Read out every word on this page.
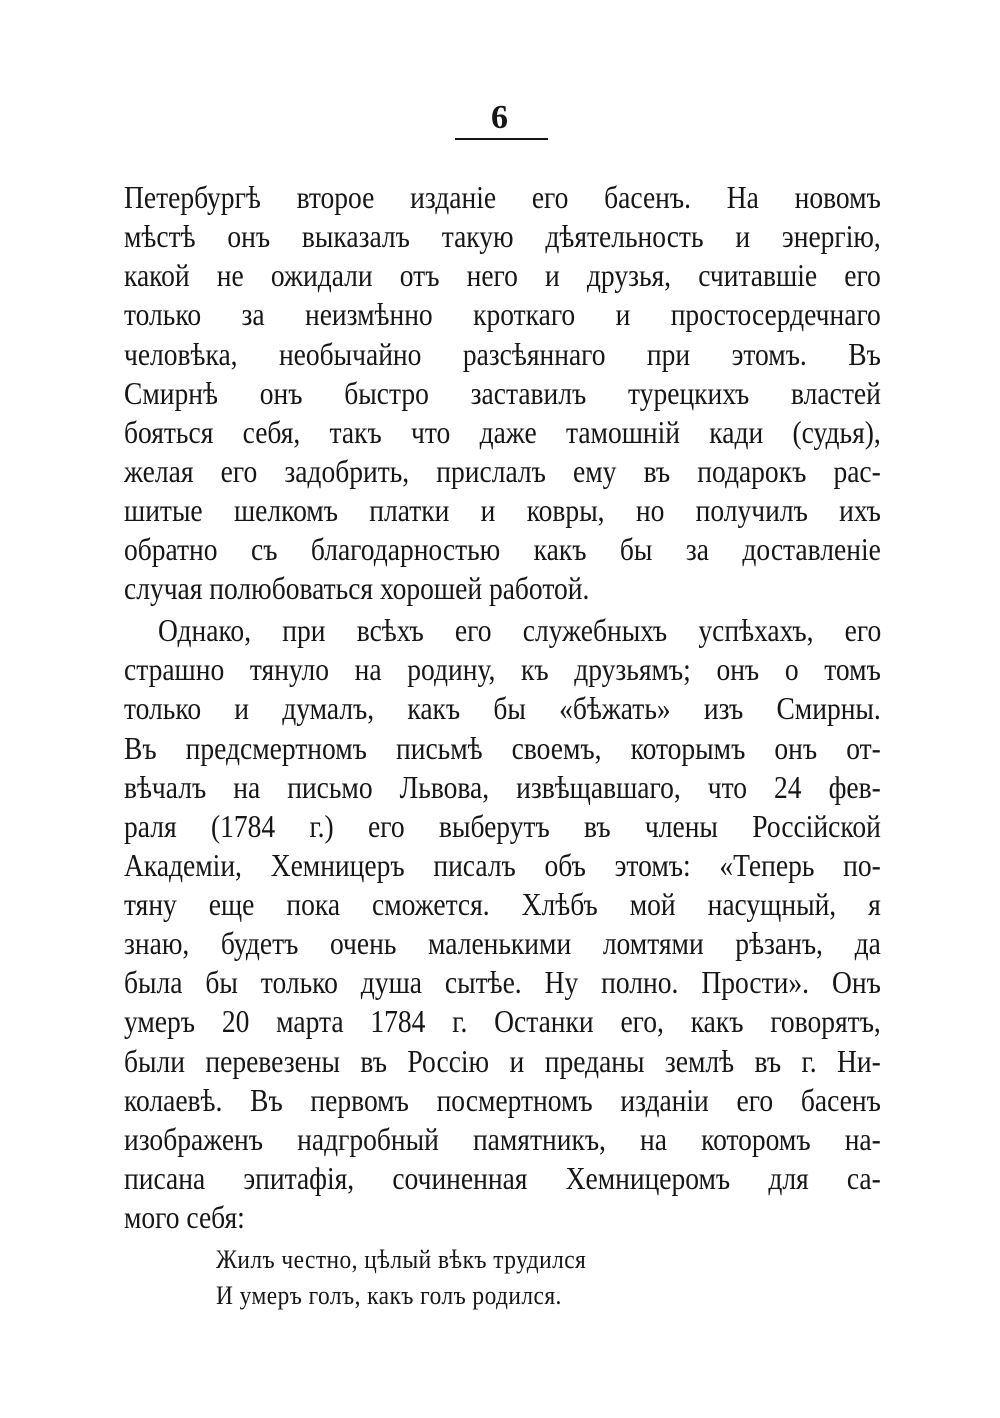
6
Петербургѣ второе изданіе его басенъ. На новомъ
мѣстѣ онъ выказалъ такую дѣятельность и энергію,
какой не ожидали отъ него и друзья, считавшіе его
только за неизмѣнно кроткаго и простосердечнаго
человѣка, необычайно разсѣяннаго при этомъ. Въ
Смирнѣ онъ быстро заставилъ турецкихъ властей
бояться себя, такъ что даже тамошній кади (судья),
желая его задобрить, прислалъ ему въ подарокъ рас-
шитые шелкомъ платки и ковры, но получилъ ихъ
обратно съ благодарностью какъ бы за доставленіе
случая полюбоваться хорошей работой.
Однако, при всѣхъ его служебныхъ успѣхахъ, его
страшно тянуло на родину, къ друзьямъ; онъ о томъ
только и думалъ, какъ бы «бѣжать» изъ Смирны.
Въ предсмертномъ письмѣ своемъ, которымъ онъ от-
вѣчалъ на письмо Львова, извѣщавшаго, что 24 фев-
раля (1784 г.) его выберутъ въ члены Россійской
Академіи, Хемницеръ писалъ объ этомъ: «Теперь по-
тяну еще пока сможется. Хлѣбъ мой насущный, я
знаю, будетъ очень маленькими ломтями рѣзанъ, да
была бы только душа сытѣе. Ну полно. Прости». Онъ
умеръ 20 марта 1784 г. Останки его, какъ говорятъ,
были перевезены въ Россію и преданы землѣ въ г. Ни-
колаевѣ. Въ первомъ посмертномъ изданіи его басенъ
изображенъ надгробный памятникъ, на которомъ на-
писана эпитафія, сочиненная Хемницеромъ для са-
мого себя:
Жилъ честно, цѣлый вѣкъ трудился
И умеръ голъ, какъ голъ родился.
